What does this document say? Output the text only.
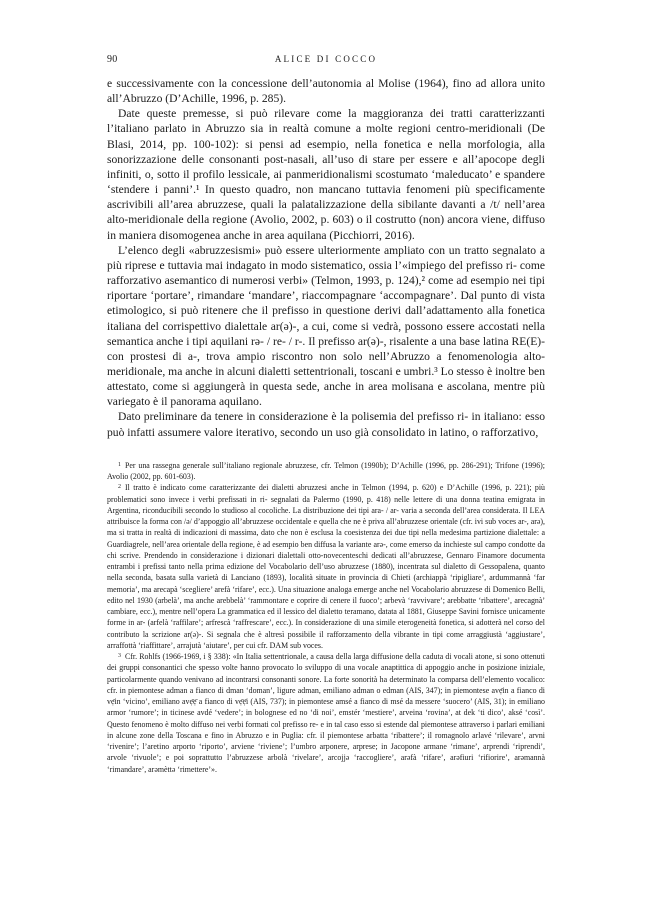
90	ALICE DI COCCO

e successivamente con la concessione dell’autonomia al Molise (1964), fino ad allora unito all’Abruzzo (D’Achille, 1996, p. 285).

Date queste premesse, si può rilevare come la maggioranza dei tratti caratterizzanti l’italiano parlato in Abruzzo sia in realtà comune a molte regioni centro-meridionali (De Blasi, 2014, pp. 100-102): si pensi ad esempio, nella fonetica e nella morfologia, alla sonorizzazione delle consonanti post-nasali, all’uso di stare per essere e all’apocope degli infiniti, o, sotto il profilo lessicale, ai panmeridionalismi scostumato ‘maleducato’ e spandere ‘stendere i panni’.¹ In questo quadro, non mancano tuttavia fenomeni più specificamente ascrivibili all’area abruzzese, quali la palatalizzazione della sibilante davanti a /t/ nell’area alto-meridionale della regione (Avolio, 2002, p. 603) o il costrutto (non) ancora viene, diffuso in maniera disomogenea anche in area aquilana (Picchiorri, 2016).

L’elenco degli «abruzzesismi» può essere ulteriormente ampliato con un tratto segnalato a più riprese e tuttavia mai indagato in modo sistematico, ossia l’«impiego del prefisso ri- come rafforzativo asemantico di numerosi verbi» (Telmon, 1993, p. 124),² come ad esempio nei tipi riportare ‘portare’, rimandare ‘mandare’, riaccompagnare ‘accompagnare’. Dal punto di vista etimologico, si può ritenere che il prefisso in questione derivi dall’adattamento alla fonetica italiana del corrispettivo dialettale ar(ə)-, a cui, come si vedrà, possono essere accostati nella semantica anche i tipi aquilani rə- / re- / r-. Il prefisso ar(ə)-, risalente a una base latina RE(E)- con prostesi di a-, trova ampio riscontro non solo nell’Abruzzo a fenomenologia alto-meridionale, ma anche in alcuni dialetti settentrionali, toscani e umbri.³ Lo stesso è inoltre ben attestato, come si aggiungerà in questa sede, anche in area molisana e ascolana, mentre più variegato è il panorama aquilano.

Dato preliminare da tenere in considerazione è la polisemia del prefisso ri- in italiano: esso può infatti assumere valore iterativo, secondo un uso già consolidato in latino, o rafforzativo,

$^1$ Per una rassegna generale sull’italiano regionale abruzzese, cfr. Telmon (1990b); D’Achille (1996, pp. 286-291); Trifone (1996); Avolio (2002, pp. 601-603).

$^2$ Il tratto è indicato come caratterizzante dei dialetti abruzzesi anche in Telmon (1994, p. 620) e D’Achille (1996, p. 221); più problematici sono invece i verbi prefissati in ri- segnalati da Palermo (1990, p. 418) nelle lettere di una donna teatina emigrata in Argentina, riconducibili secondo lo studioso al cocoliche. La distribuzione dei tipi ara- / ar- varia a seconda dell’area considerata. Il LEA attribuisce la forma con /ə/ d’appoggio all’abruzzese occidentale e quella che ne è priva all’abruzzese orientale (cfr. ivi sub voces ar-, arə), ma si tratta in realtà di indicazioni di massima, dato che non è esclusa la coesistenza dei due tipi nella medesima partizione dialettale: a Guardiagrele, nell’area orientale della regione, è ad esempio ben diffusa la variante arə-, come emerso da inchieste sul campo condotte da chi scrive. Prendendo in considerazione i dizionari dialettali otto-novecenteschi dedicati all’abruzzese, Gennaro Finamore documenta entrambi i prefissi tanto nella prima edizione del Vocabolario dell’uso abruzzese (1880), incentrata sul dialetto di Gessopalena, quanto nella seconda, basata sulla varietà di Lanciano (1893), località situate in provincia di Chieti (archiappà ‘ripigliare’, ardummannà ‘far memoria’, ma arecapà ‘scegliere’ arefà ‘rifare’, ecc.). Una situazione analoga emerge anche nel Vocabolario abruzzese di Domenico Belli, edito nel 1930 (arbelà’, ma anche arebbelà’ ‘rammontare e coprire di cenere il fuoco’; arbevà ‘ravvivare’; arebbatte ‘ribattere’, arecagnà’ cambiare, ecc.), mentre nell’opera La grammatica ed il lessico del dialetto teramano, datata al 1881, Giuseppe Savini fornisce unicamente forme in ar- (arfelà ‘raffilare’; arfresсà ‘raffrescare’, ecc.). In considerazione di una simile eterogeneità fonetica, si adotterà nel corso del contributo la scrizione ar(ə)-. Si segnala che è altresì possibile il rafforzamento della vibrante in tipi come arraggiustà ‘aggiustare’, arraffottà ‘riaffittare’, arrajutà ‘aiutare’, per cui cfr. DAM sub voces.

$^3$ Cfr. Rohlfs (1966-1969, i § 338): «In Italia settentrionale, a causa della larga diffusione della caduta di vocali atone, si sono ottenuti dei gruppi consonantici che spesso volte hanno provocato lo sviluppo di una vocale anaptittica di appoggio anche in posizione iniziale, particolarmente quando venivano ad incontrarsi consonanti sonore. La forte sonorità ha determinato la comparsa dell’elemento vocalico: cfr. in piemontese adman a fianco di dman ‘doman’, ligure adman, emiliano adman o edman (AIS, 347); in piemontese avẹ̄in a fianco di vẹ̄in ‘vicino’, emiliano avẹ̄ẹ̄ a fianco di vẹ̄ẹ̄i (AIS, 737); in piemontese amsé a fianco di msé da messere ‘suocero’ (AIS, 31); in emiliano armor ‘rumore’; in ticinese avdé ‘vedere’; in bolognese ed no ‘di noi’, emstér ‘mestiere’, arveina ‘rovina’, at dek ‘ti dico’, aksé ‘così’. Questo fenomeno è molto diffuso nei verbi formati col prefisso re- e in tal caso esso si estende dal piemontese attraverso i parlari emiliani in alcune zone della Toscana e fino in Abruzzo e in Puglia: cfr. il piemontese arbatta ‘ribattere’; il romagnolo arlavé ‘rilevare’, arvni ‘rivenire’; l’aretino arporto ‘riporto’, arviene ‘riviene’; l’umbro arponere, arprese; in Jacopone armane ‘rimane’, arprendi ‘riprendi’, arvole ‘rivuole’; e poi soprattutto l’abruzzese arbolà ‘rivelare’, arcojjə ‘raccogliere’, arəfà ‘rifare’, arəfiuri ‘rifiorire’, arəmannà ‘rimandare’, arəmèttə ‘rimettere’».
